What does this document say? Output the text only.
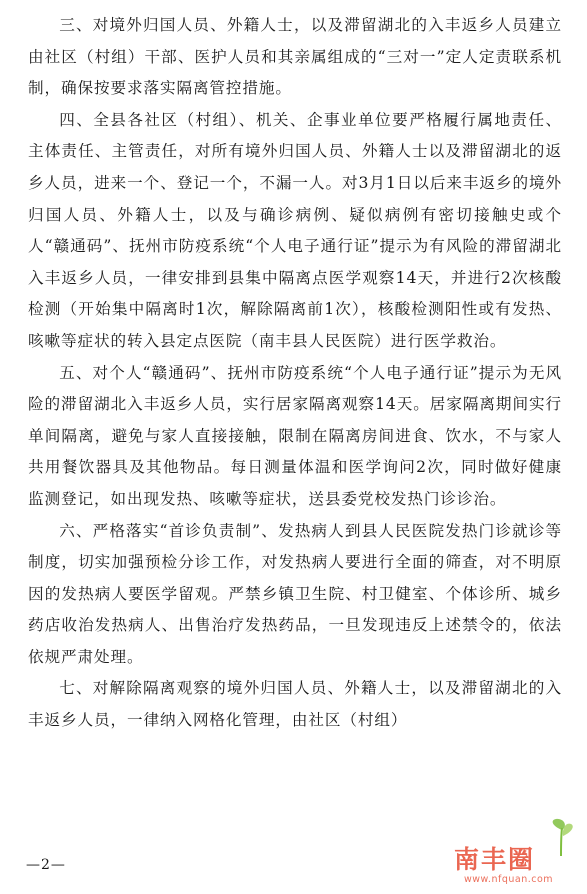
三、对境外归国人员、外籍人士，以及滞留湖北的入丰返乡人员建立由社区（村组）干部、医护人员和其亲属组成的“三对一”定人定责联系机制，确保按要求落实隔离管控措施。

四、全县各社区（村组）、机关、企事业单位要严格履行属地责任、主体责任、主管责任，对所有境外归国人员、外籍人士以及滞留湖北的返乡人员，进来一个、登记一个，不漏一人。对3月1日以后来丰返乡的境外归国人员、外籍人士，以及与确诊病例、疑似病例有密切接触史或个人“赣通码”、抚州市防疫系统“个人电子通行证”提示为有风险的滞留湖北入丰返乡人员，一律安排到县集中隔离点医学观察14天，并进行2次核酸检测（开始集中隔离时1次，解除隔离前1次），核酸检测阳性或有发热、咳嗽等症状的转入县定点医院（南丰县人民医院）进行医学救治。

五、对个人“赣通码”、抚州市防疫系统“个人电子通行证”提示为无风险的滞留湖北入丰返乡人员，实行居家隔离观察14天。居家隔离期间实行单间隔离，避免与家人直接接触，限制在隔离房间进食、饮水，不与家人共用餐饮器具及其他物品。每日测量体温和医学询问2次，同时做好健康监测登记，如出现发热、咳嗽等症状，送县委党校发热门诊诊治。

六、严格落实“首诊负责制”、发热病人到县人民医院发热门诊就诊等制度，切实加强预检分诊工作，对发热病人要进行全面的筛查，对不明原因的发热病人要医学留观。严禁乡镇卫生院、村卫健室、个体诊所、城乡药店收治发热病人、出售治疗发热药品，一旦发现违反上述禁令的，依法依规严肃处理。

七、对解除隔离观察的境外归国人员、外籍人士，以及滞留湖北的入丰返乡人员，一律纳入网格化管理，由社区（村组）

—2—	南丰圈
www.nfquan.com
